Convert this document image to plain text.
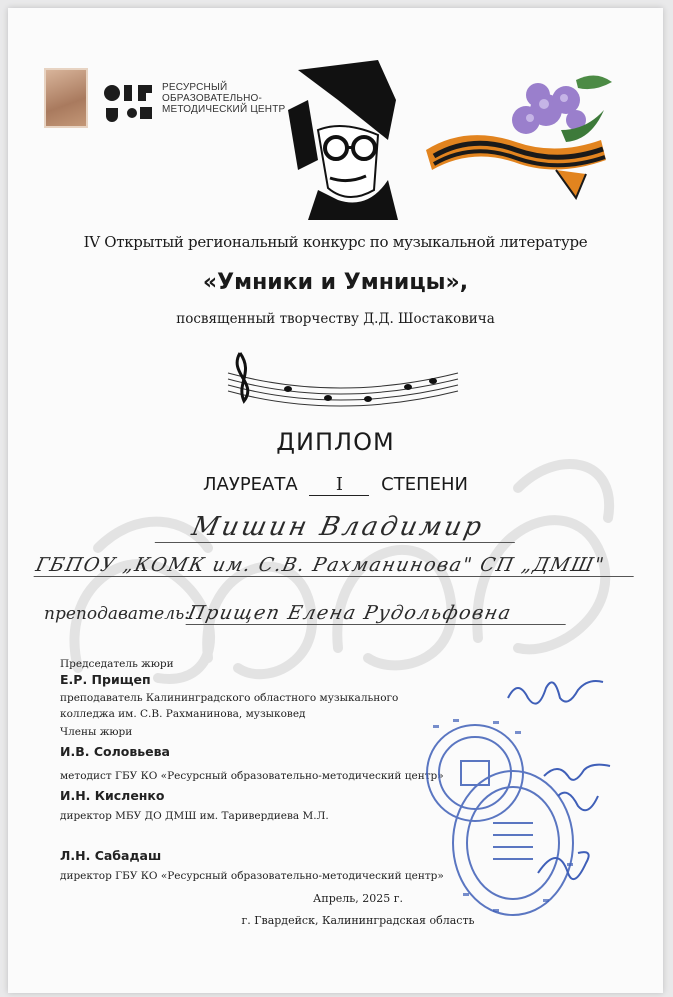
РЕСУРСНЫЙ ОБРАЗОВАТЕЛЬНО-МЕТОДИЧЕСКИЙ ЦЕНТР
IV Открытый региональный конкурс по музыкальной литературе
«Умники и Умницы»,
посвященный творчеству Д.Д. Шостаковича
ДИПЛОМ
ЛАУРЕАТА I СТЕПЕНИ
Мишин Владимир
ГБПОУ „КОМК им. С.В. Рахманинова" СП „ДМШ"
преподаватель:
Прищеп Елена Рудольфовна
Председатель жюри
Е.Р. Прищеп
преподаватель Калининградского областного музыкального
колледжа им. С.В. Рахманинова, музыковед
Члены жюри
И.В. Соловьева
методист ГБУ КО «Ресурсный образовательно-методический центр»
И.Н. Кисленко
директор МБУ ДО ДМШ им. Таривердиева М.Л.
Л.Н. Сабадаш
директор ГБУ КО «Ресурсный образовательно-методический центр»
Апрель, 2025 г.
г. Гвардейск, Калининградская область
